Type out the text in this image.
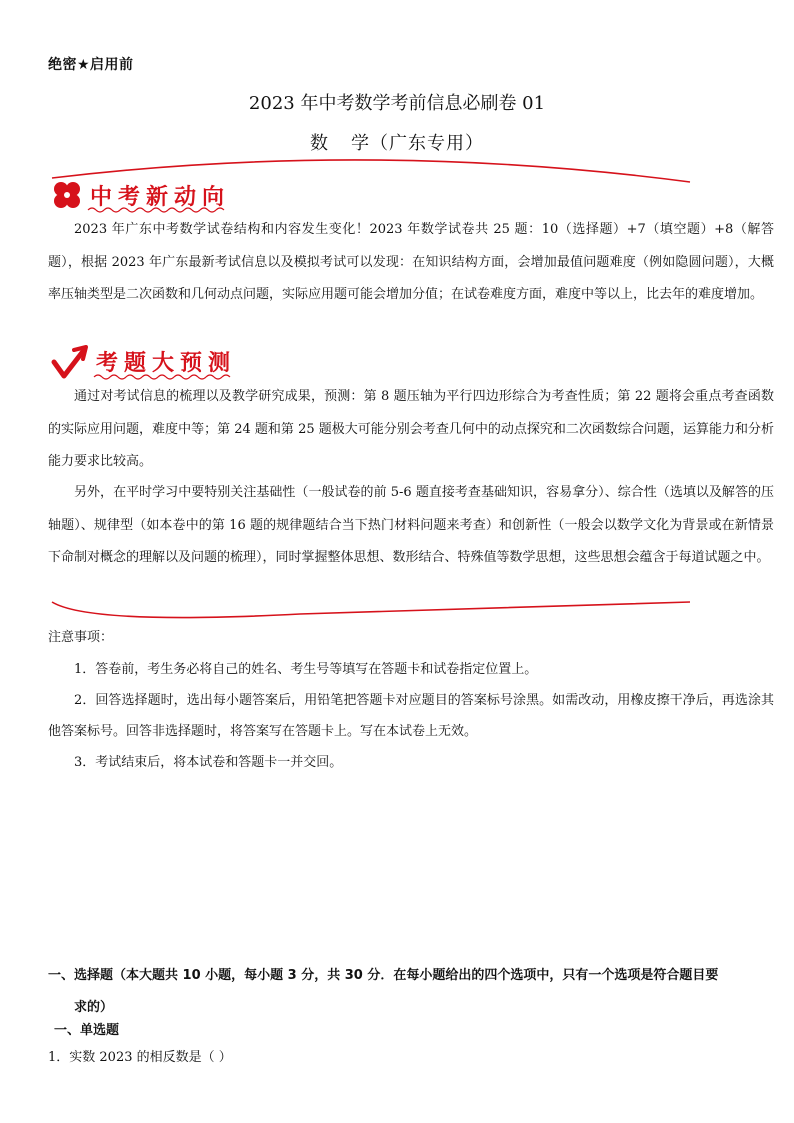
绝密★启用前
2023 年中考数学考前信息必刷卷 01
数 学（广东专用）
中考新动向
2023 年广东中考数学试卷结构和内容发生变化！2023 年数学试卷共 25 题：10（选择题）+7（填空题）+8（解答题），根据 2023 年广东最新考试信息以及模拟考试可以发现：在知识结构方面，会增加最值问题难度（例如隐圆问题），大概率压轴类型是二次函数和几何动点问题，实际应用题可能会增加分值；在试卷难度方面，难度中等以上，比去年的难度增加。
考题大预测
通过对考试信息的梳理以及教学研究成果，预测：第 8 题压轴为平行四边形综合为考查性质；第 22 题将会重点考查函数的实际应用问题，难度中等；第 24 题和第 25 题极大可能分别会考查几何中的动点探究和二次函数综合问题，运算能力和分析能力要求比较高。
另外，在平时学习中要特别关注基础性（一般试卷的前 5-6 题直接考查基础知识，容易拿分）、综合性（选填以及解答的压轴题）、规律型（如本卷中的第 16 题的规律题结合当下热门材料问题来考查）和创新性（一般会以数学文化为背景或在新情景下命制对概念的理解以及问题的梳理），同时掌握整体思想、数形结合、特殊值等数学思想，这些思想会蕴含于每道试题之中。
注意事项：
1．答卷前，考生务必将自己的姓名、考生号等填写在答题卡和试卷指定位置上。
2．回答选择题时，选出每小题答案后，用铅笔把答题卡对应题目的答案标号涂黑。如需改动，用橡皮擦干净后，再选涂其他答案标号。回答非选择题时，将答案写在答题卡上。写在本试卷上无效。
3．考试结束后，将本试卷和答题卡一并交回。
一、选择题（本大题共 10 小题，每小题 3 分，共 30 分．在每小题给出的四个选项中，只有一个选项是符合题目要
求的）
一、单选题
1．实数 2023 的相反数是（ ）
